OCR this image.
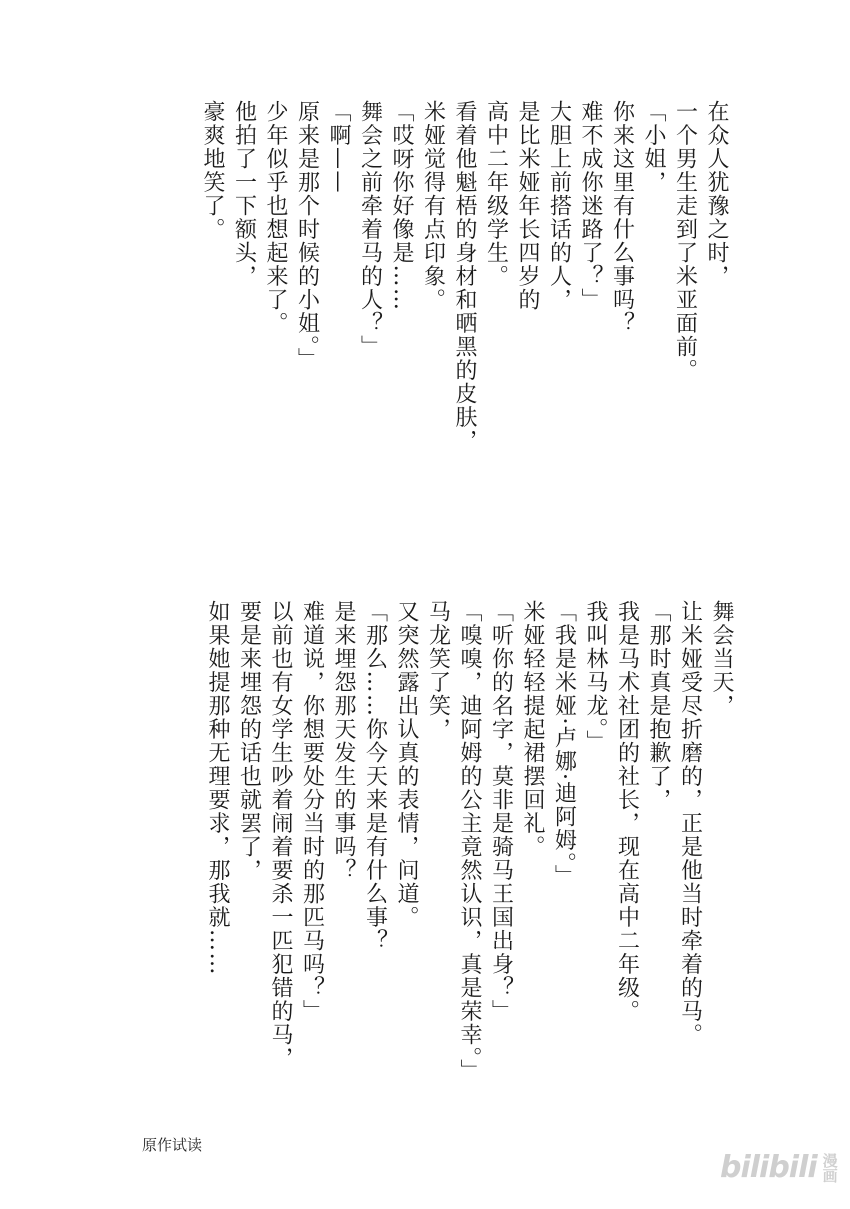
在众人犹豫之时，
一个男生走到了米亚面前。
「小姐，
你来这里有什么事吗？
难不成你迷路了？」
大胆上前搭话的人，
是比米娅年长四岁的
高中二年级学生。
看着他魁梧的身材和晒黑的皮肤，
米娅觉得有点印象。
「哎呀你好像是……
舞会之前牵着马的人？」
「啊——
原来是那个时候的小姐。」
少年似乎也想起来了。
他拍了一下额头，
豪爽地笑了。
舞会当天，
让米娅受尽折磨的，正是他当时牵着的马。
「那时真是抱歉了，
我是马术社团的社长，现在高中二年级。
我叫林马龙。」
「我是米娅·卢娜·迪阿姆。」
米娅轻轻提起裙摆回礼。
「听你的名字，莫非是骑马王国出身？」
「嗅嗅，迪阿姆的公主竟然认识，真是荣幸。」
马龙笑了笑，
又突然露出认真的表情，问道。
「那么……你今天来是有什么事？
是来埋怨那天发生的事吗？
难道说，你想要处分当时的那匹马吗？」
以前也有女学生吵着闹着要杀一匹犯错的马，
要是来埋怨的话也就罢了，
如果她提那种无理要求，那我就……
原作试读
bilibili 漫画
